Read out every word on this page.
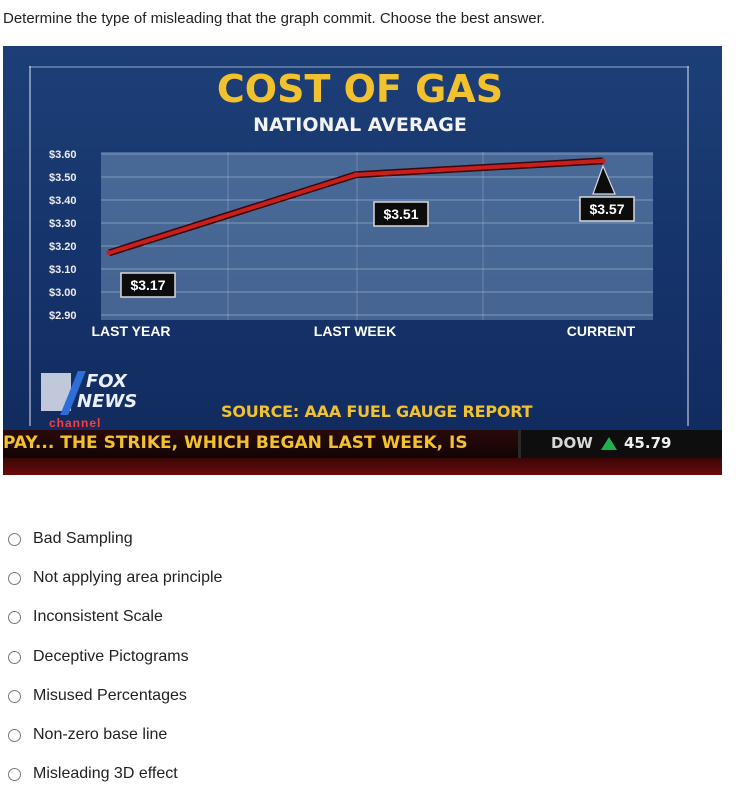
Determine the type of misleading that the graph commit. Choose the best answer.

COST OF GAS
NATIONAL AVERAGE
$3.60
$3.50
$3.40
$3.30
$3.20
$3.10
$3.00
$2.90
$3.17
$3.51	$3.57
LAST YEAR	LAST WEEK	CURRENT
FOX
NEWS
channel
SOURCE: AAA FUEL GAUGE REPORT
PAY... THE STRIKE, WHICH BEGAN LAST WEEK, IS	DOW 45.79
Bad Sampling
Not applying area principle
Inconsistent Scale
Deceptive Pictograms
Misused Percentages
Non-zero base line
Misleading 3D effect
